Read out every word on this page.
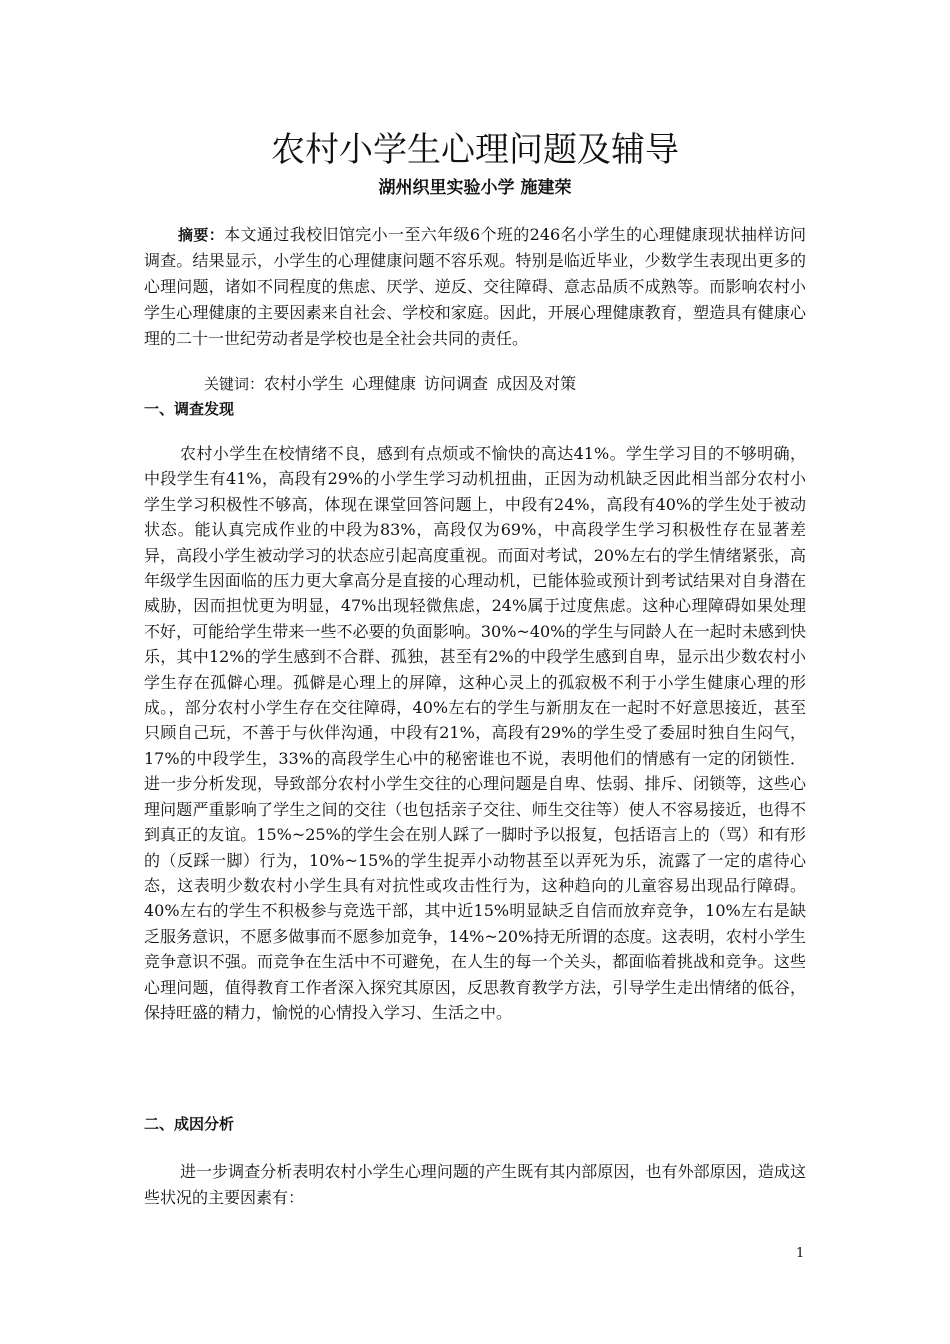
农村小学生心理问题及辅导
湖州织里实验小学 施建荣
摘要：本文通过我校旧馆完小一至六年级6个班的246名小学生的心理健康现状抽样访问调查。结果显示，小学生的心理健康问题不容乐观。特别是临近毕业，少数学生表现出更多的心理问题，诸如不同程度的焦虑、厌学、逆反、交往障碍、意志品质不成熟等。而影响农村小学生心理健康的主要因素来自社会、学校和家庭。因此，开展心理健康教育，塑造具有健康心理的二十一世纪劳动者是学校也是全社会共同的责任。
关键词：农村小学生 心理健康 访问调查 成因及对策
一、调查发现
农村小学生在校情绪不良，感到有点烦或不愉快的高达41%。学生学习目的不够明确，中段学生有41%，高段有29%的小学生学习动机扭曲，正因为动机缺乏因此相当部分农村小学生学习积极性不够高，体现在课堂回答问题上，中段有24%，高段有40%的学生处于被动状态。能认真完成作业的中段为83%，高段仅为69%，中高段学生学习积极性存在显著差异，高段小学生被动学习的状态应引起高度重视。而面对考试，20%左右的学生情绪紧张，高年级学生因面临的压力更大拿高分是直接的心理动机，已能体验或预计到考试结果对自身潜在威胁，因而担忧更为明显，47%出现轻微焦虑，24%属于过度焦虑。这种心理障碍如果处理不好，可能给学生带来一些不必要的负面影响。30%~40%的学生与同龄人在一起时未感到快乐，其中12%的学生感到不合群、孤独，甚至有2%的中段学生感到自卑，显示出少数农村小学生存在孤僻心理。孤僻是心理上的屏障，这种心灵上的孤寂极不利于小学生健康心理的形成。，部分农村小学生存在交往障碍，40%左右的学生与新朋友在一起时不好意思接近，甚至只顾自己玩，不善于与伙伴沟通，中段有21%，高段有29%的学生受了委屈时独自生闷气，17%的中段学生，33%的高段学生心中的秘密谁也不说，表明他们的情感有一定的闭锁性．进一步分析发现，导致部分农村小学生交往的心理问题是自卑、怯弱、排斥、闭锁等，这些心理问题严重影响了学生之间的交往（也包括亲子交往、师生交往等）使人不容易接近，也得不到真正的友谊。15%~25%的学生会在别人踩了一脚时予以报复，包括语言上的（骂）和有形的（反踩一脚）行为，10%~15%的学生捉弄小动物甚至以弄死为乐，流露了一定的虐待心态，这表明少数农村小学生具有对抗性或攻击性行为，这种趋向的儿童容易出现品行障碍。 40%左右的学生不积极参与竞选干部，其中近15%明显缺乏自信而放弃竞争，10%左右是缺乏服务意识，不愿多做事而不愿参加竞争，14%~20%持无所谓的态度。这表明，农村小学生竞争意识不强。而竞争在生活中不可避免，在人生的每一个关头，都面临着挑战和竞争。这些心理问题，值得教育工作者深入探究其原因，反思教育教学方法，引导学生走出情绪的低谷，保持旺盛的精力，愉悦的心情投入学习、生活之中。
二、成因分析
进一步调查分析表明农村小学生心理问题的产生既有其内部原因，也有外部原因，造成这些状况的主要因素有：
1
